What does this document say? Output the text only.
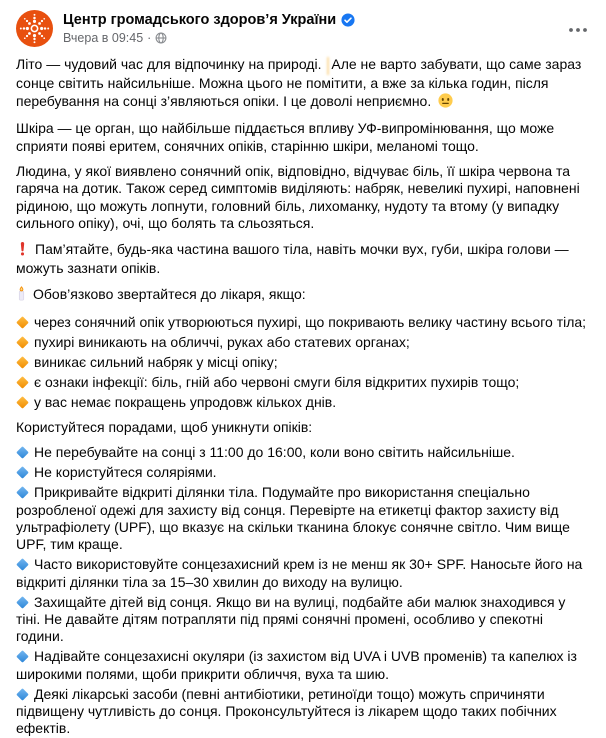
Центр громадського здоров’я України
Вчера в 09:45 ·

Літо — чудовий час для відпочинку на природі. Але не варто забувати, що саме зараз сонце світить найсильніше. Можна цього не помітити, а вже за кілька годин, після перебування на сонці з’являються опіки. І це доволі неприємно.

Шкіра — це орган, що найбільше піддається впливу УФ-випромінювання, що може сприяти появі еритем, сонячних опіків, старінню шкіри, меланомі тощо.

Людина, у якої виявлено сонячний опік, відповідно, відчуває біль, її шкіра червона та гаряча на дотик. Також серед симптомів виділяють: набряк, невеликі пухирі, наповнені рідиною, що можуть лопнути, головний біль, лихоманку, нудоту та втому (у випадку сильного опіку), очі, що болять та сльозяться.

Пам’ятайте, будь-яка частина вашого тіла, навіть мочки вух, губи, шкіра голови — можуть зазнати опіків.

Обов’язково звертайтеся до лікаря, якщо:

через сонячний опік утворюються пухирі, що покривають велику частину всього тіла;
пухирі виникають на обличчі, руках або статевих органах;
виникає сильний набряк у місці опіку;
є ознаки інфекції: біль, гній або червоні смуги біля відкритих пухирів тощо;
у вас немає покращень упродовж кількох днів.

Користуйтеся порадами, щоб уникнути опіків:

Не перебувайте на сонці з 11:00 до 16:00, коли воно світить найсильніше.
Не користуйтеся соляріями.
Прикривайте відкриті ділянки тіла. Подумайте про використання спеціально розробленої одежі для захисту від сонця. Перевірте на етикетці фактор захисту від ультрафіолету (UPF), що вказує на скільки тканина блокує сонячне світло. Чим вище UPF, тим краще.
Часто використовуйте сонцезахисний крем із не менш як 30+ SPF. Наносьте його на відкриті ділянки тіла за 15–30 хвилин до виходу на вулицю.
Захищайте дітей від сонця. Якщо ви на вулиці, подбайте аби малюк знаходився у тіні. Не давайте дітям потрапляти під прямі сонячні промені, особливо у спекотні години.
Надівайте сонцезахисні окуляри (із захистом від UVA і UVB променів) та капелюх із широкими полями, щоби прикрити обличчя, вуха та шию.
Деякі лікарські засоби (певні антибіотики, ретиноїди тощо) можуть спричиняти підвищену чутливість до сонця. Проконсультуйтеся із лікарем щодо таких побічних ефектів.
